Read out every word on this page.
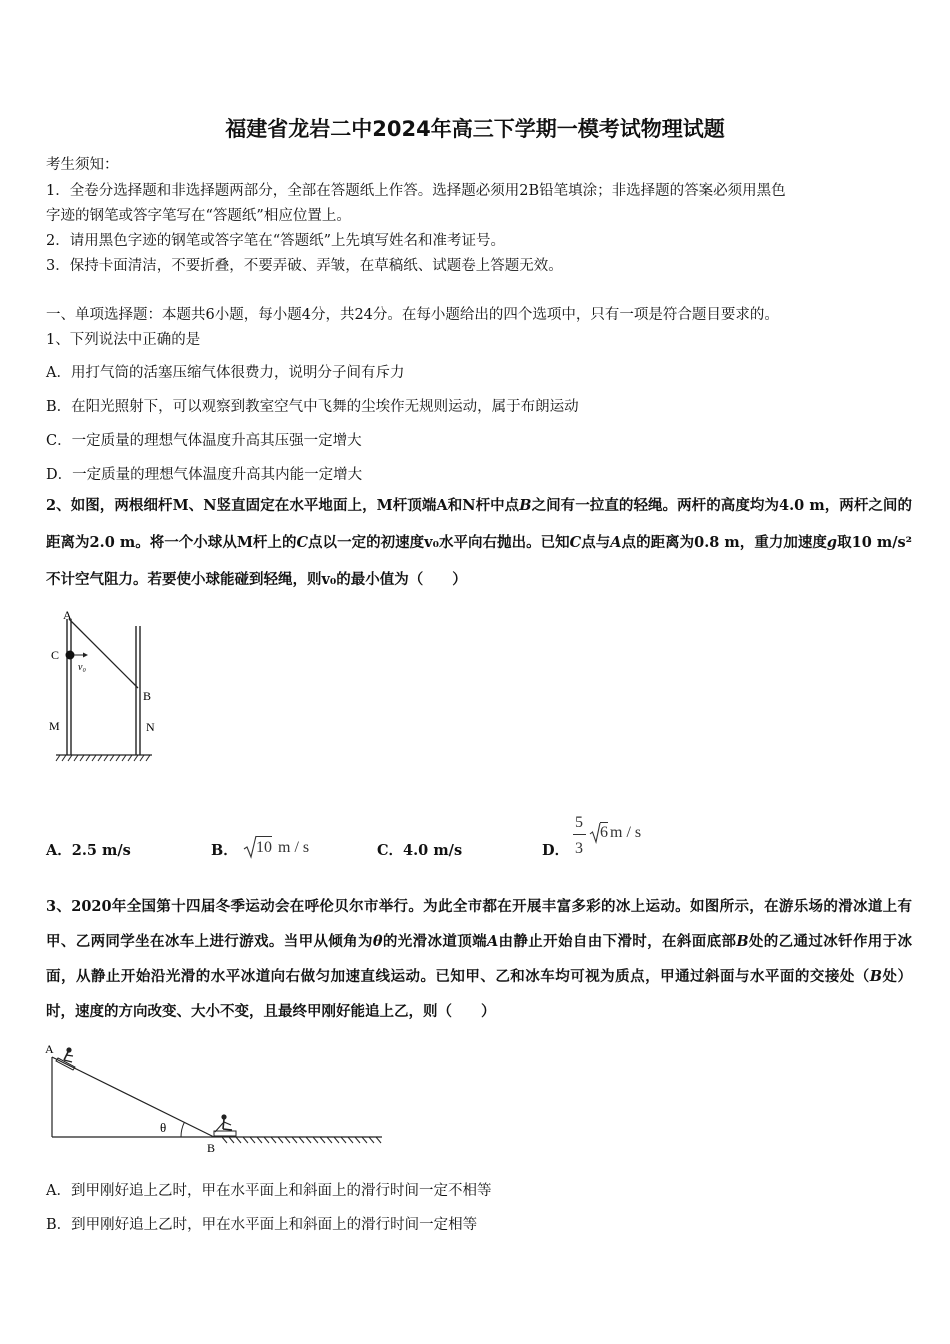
福建省龙岩二中2024年高三下学期一模考试物理试题
考生须知：
1．全卷分选择题和非选择题两部分，全部在答题纸上作答。选择题必须用2B铅笔填涂；非选择题的答案必须用黑色
字迹的钢笔或答字笔写在“答题纸”相应位置上。
2．请用黑色字迹的钢笔或答字笔在“答题纸”上先填写姓名和准考证号。
3．保持卡面清洁，不要折叠，不要弄破、弄皱，在草稿纸、试题卷上答题无效。
一、单项选择题：本题共6小题，每小题4分，共24分。在每小题给出的四个选项中，只有一项是符合题目要求的。
1、下列说法中正确的是
A．用打气筒的活塞压缩气体很费力，说明分子间有斥力
B．在阳光照射下，可以观察到教室空气中飞舞的尘埃作无规则运动，属于布朗运动
C．一定质量的理想气体温度升高其压强一定增大
D．一定质量的理想气体温度升高其内能一定增大
2、如图，两根细杆M、N竖直固定在水平地面上，M杆顶端A和N杆中点B之间有一拉直的轻绳。两杆的高度均为4.0 m，两杆之间的距离为2.0 m。将一个小球从M杆上的C点以一定的初速度v₀水平向右抛出。已知C点与A点的距离为0.8 m，重力加速度g取10 m/s²不计空气阻力。若要使小球能碰到轻绳，则v₀的最小值为（　　）
A
C
v₀
B
M	N
A．2.5 m/s	B． 10 m / s	C．4.0 m/s	D．
5
3
6 m / s
3、2020年全国第十四届冬季运动会在呼伦贝尔市举行。为此全市都在开展丰富多彩的冰上运动。如图所示，在游乐场的滑冰道上有甲、乙两同学坐在冰车上进行游戏。当甲从倾角为θ的光滑冰道顶端A由静止开始自由下滑时，在斜面底部B处的乙通过冰钎作用于冰面，从静止开始沿光滑的水平冰道向右做匀加速直线运动。已知甲、乙和冰车均可视为质点，甲通过斜面与水平面的交接处（B处）时，速度的方向改变、大小不变，且最终甲刚好能追上乙，则（　　）
A
θ
B
A．到甲刚好追上乙时，甲在水平面上和斜面上的滑行时间一定不相等
B．到甲刚好追上乙时，甲在水平面上和斜面上的滑行时间一定相等
